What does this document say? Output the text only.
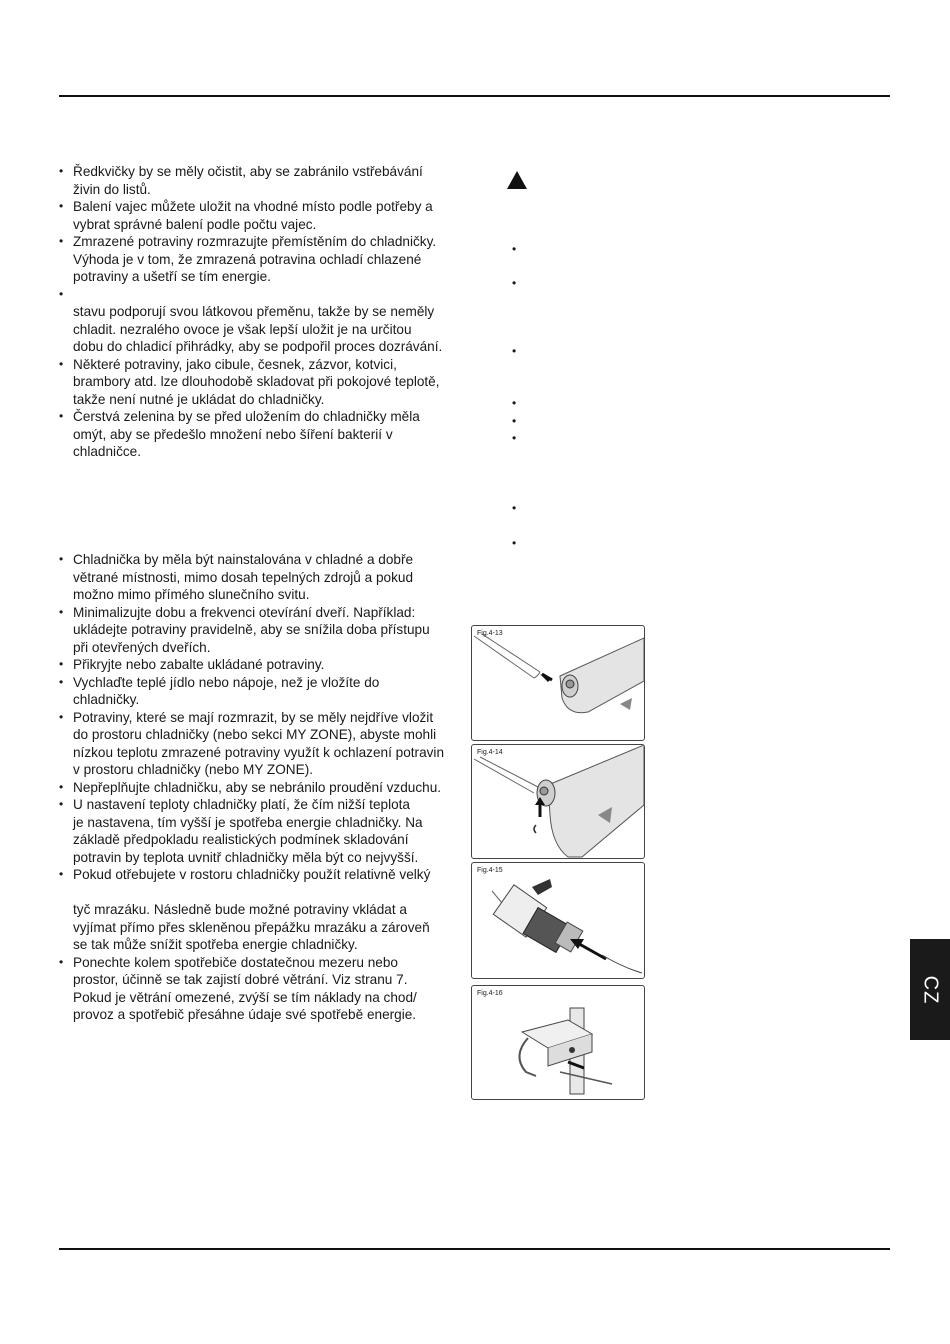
• Ředkvičky by se měly očistit, aby se zabránilo vstřebávání
živin do listů.
• Balení vajec můžete uložit na vhodné místo podle potřeby a
vybrat správné balení podle počtu vajec.
• Zmrazené potraviny rozmrazujte přemístěním do chladničky.
Výhoda je v tom, že zmrazená potravina ochladí chlazené
potraviny a ušetří se tím energie.
• stavu podporují svou látkovou přeměnu, takže by se neměly
chladit. nezralého ovoce je však lepší uložit je na určitou
dobu do chladicí přihrádky, aby se podpořil proces dozrávání.
• Některé potraviny, jako cibule, česnek, zázvor, kotvici,
brambory atd. lze dlouhodobě skladovat při pokojové teplotě,
takže není nutné je ukládat do chladničky.
• Čerstvá zelenina by se před uložením do chladničky měla
omýt, aby se předešlo množení nebo šíření bakterií v
chladničce.
• Chladnička by měla být nainstalována v chladné a dobře
větrané místnosti, mimo dosah tepelných zdrojů a pokud
možno mimo přímého slunečního svitu.
• Minimalizujte dobu a frekvenci otevírání dveří. Například:
ukládejte potraviny pravidelně, aby se snížila doba přístupu
při otevřených dveřích.
• Přikryjte nebo zabalte ukládané potraviny.
• Vychlaďte teplé jídlo nebo nápoje, než je vložíte do
chladničky.
• Potraviny, které se mají rozmrazit, by se měly nejdříve vložit
do prostoru chladničky (nebo sekci MY ZONE), abyste mohli
nízkou teplotu zmrazené potraviny využít k ochlazení potravin
v prostoru chladničky (nebo MY ZONE).
• Nepřeplňujte chladničku, aby se nebránilo proudění vzduchu.
• U nastavení teploty chladničky platí, že čím nižší teplota
je nastavena, tím vyšší je spotřeba energie chladničky. Na
základě předpokladu realistických podmínek skladování
potravin by teplota uvnitř chladničky měla být co nejvyšší.
• Pokud otřebujete v rostoru chladničky použít relativně velký
tyč mrazáku. Následně bude možné potraviny vkládat a
vyjímat přímo přes skleněnou přepážku mrazáku a zároveň
se tak může snížit spotřeba energie chladničky.
• Ponechte kolem spotřebiče dostatečnou mezeru nebo
prostor, účinně se tak zajistí dobré větrání. Viz stranu 7.
Pokud je větrání omezené, zvýší se tím náklady na chod/
provoz a spotřebič přesáhne údaje své spotřebě energie.
•
•
•
•
•
•
•
•
Fig.4-13
Fig.4-14
Fig.4-15
Fig.4-16	CZ
